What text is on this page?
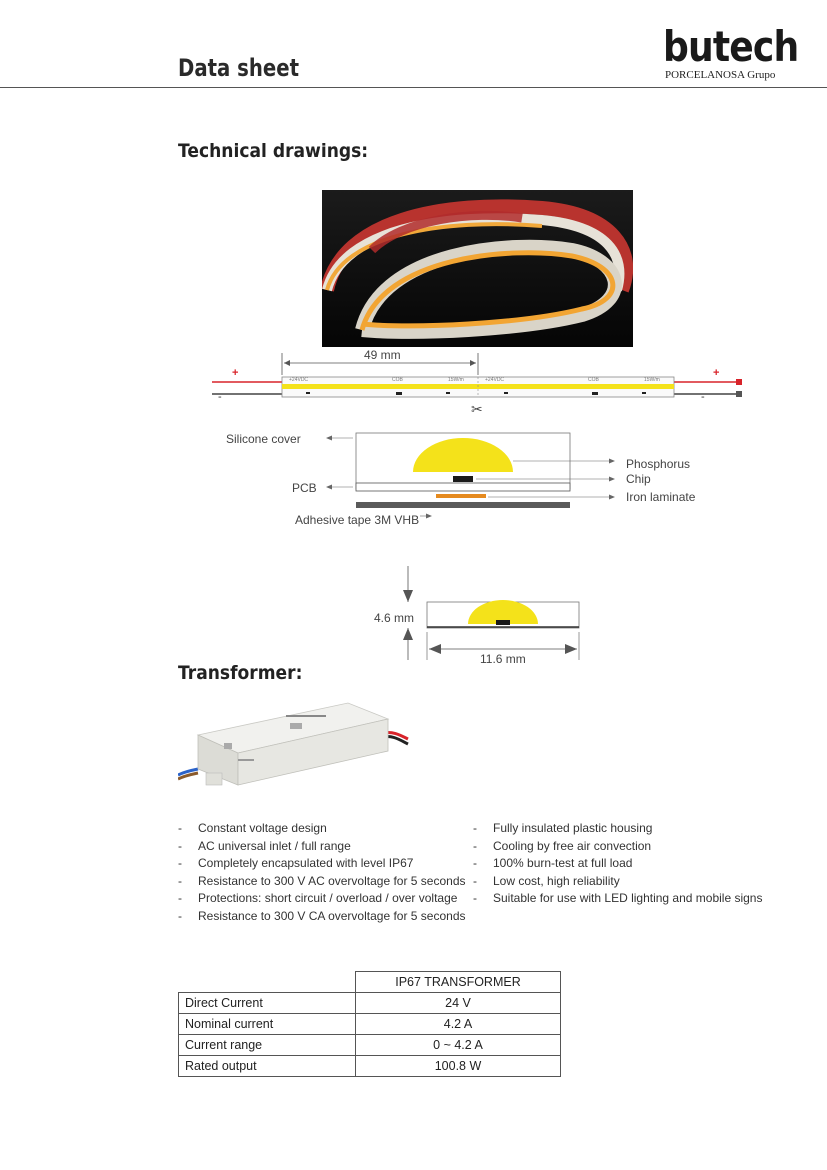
Data sheet	butech
PORCELANOSA Grupo
Technical drawings:
49 mm
+
-
+
-
+24VDC	COB	15W/m	+24VDC	COB	15W/m
✂
Silicone cover
Phosphorus
Chip
PCB
Iron laminate
Adhesive tape 3M VHB
4.6 mm
11.6 mm
Transformer:
- Constant voltage design
- AC universal inlet / full range
- Completely encapsulated with level IP67
- Resistance to 300 V AC overvoltage for 5 seconds
- Protections: short circuit / overload / over voltage
- Resistance to 300 V CA overvoltage for 5 seconds
- Fully insulated plastic housing
- Cooling by free air convection
- 100% burn-test at full load
- Low cost, high reliability
- Suitable for use with LED lighting and mobile signs
	IP67 TRANSFORMER
Direct Current	24 V
Nominal current	4.2 A
Current range	0 ~ 4.2 A
Rated output	100.8 W
